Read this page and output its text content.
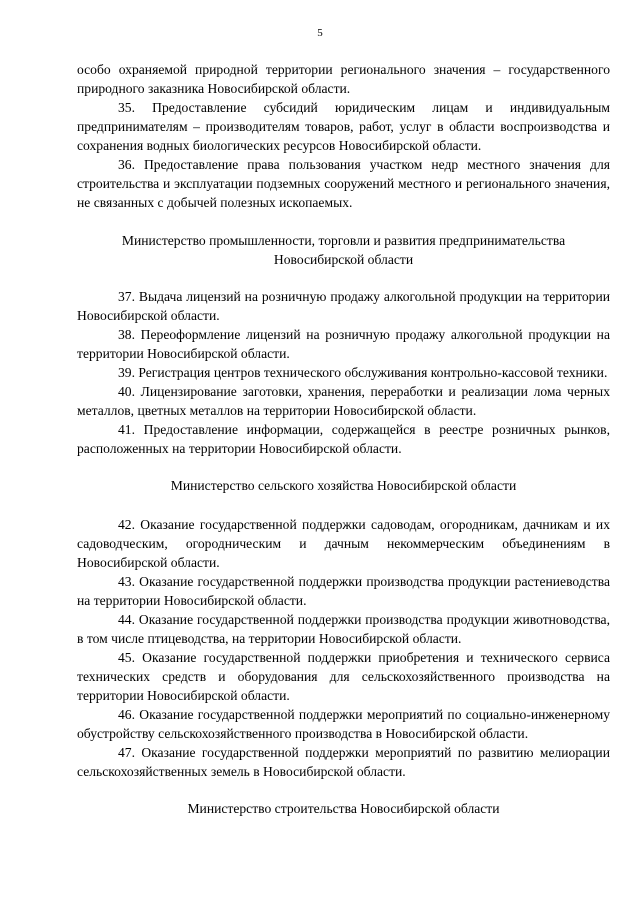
5

особо охраняемой природной территории регионального значения – государственного природного заказника Новосибирской области.

35. Предоставление субсидий юридическим лицам и индивидуальным предпринимателям – производителям товаров, работ, услуг в области воспроизводства и сохранения водных биологических ресурсов Новосибирской области.

36. Предоставление права пользования участком недр местного значения для строительства и эксплуатации подземных сооружений местного и регионального значения, не связанных с добычей полезных ископаемых.

Министерство промышленности, торговли и развития предпринимательства Новосибирской области

37. Выдача лицензий на розничную продажу алкогольной продукции на территории Новосибирской области.

38. Переоформление лицензий на розничную продажу алкогольной продукции на территории Новосибирской области.

39. Регистрация центров технического обслуживания контрольно-кассовой техники.

40. Лицензирование заготовки, хранения, переработки и реализации лома черных металлов, цветных металлов на территории Новосибирской области.

41. Предоставление информации, содержащейся в реестре розничных рынков, расположенных на территории Новосибирской области.

Министерство сельского хозяйства Новосибирской области

42. Оказание государственной поддержки садоводам, огородникам, дачникам и их садоводческим, огородническим и дачным некоммерческим объединениям в Новосибирской области.

43. Оказание государственной поддержки производства продукции растениеводства на территории Новосибирской области.

44. Оказание государственной поддержки производства продукции животноводства, в том числе птицеводства, на территории Новосибирской области.

45. Оказание государственной поддержки приобретения и технического сервиса технических средств и оборудования для сельскохозяйственного производства на территории Новосибирской области.

46. Оказание государственной поддержки мероприятий по социально-инженерному обустройству сельскохозяйственного производства в Новосибирской области.

47. Оказание государственной поддержки мероприятий по развитию мелиорации сельскохозяйственных земель в Новосибирской области.

Министерство строительства Новосибирской области
